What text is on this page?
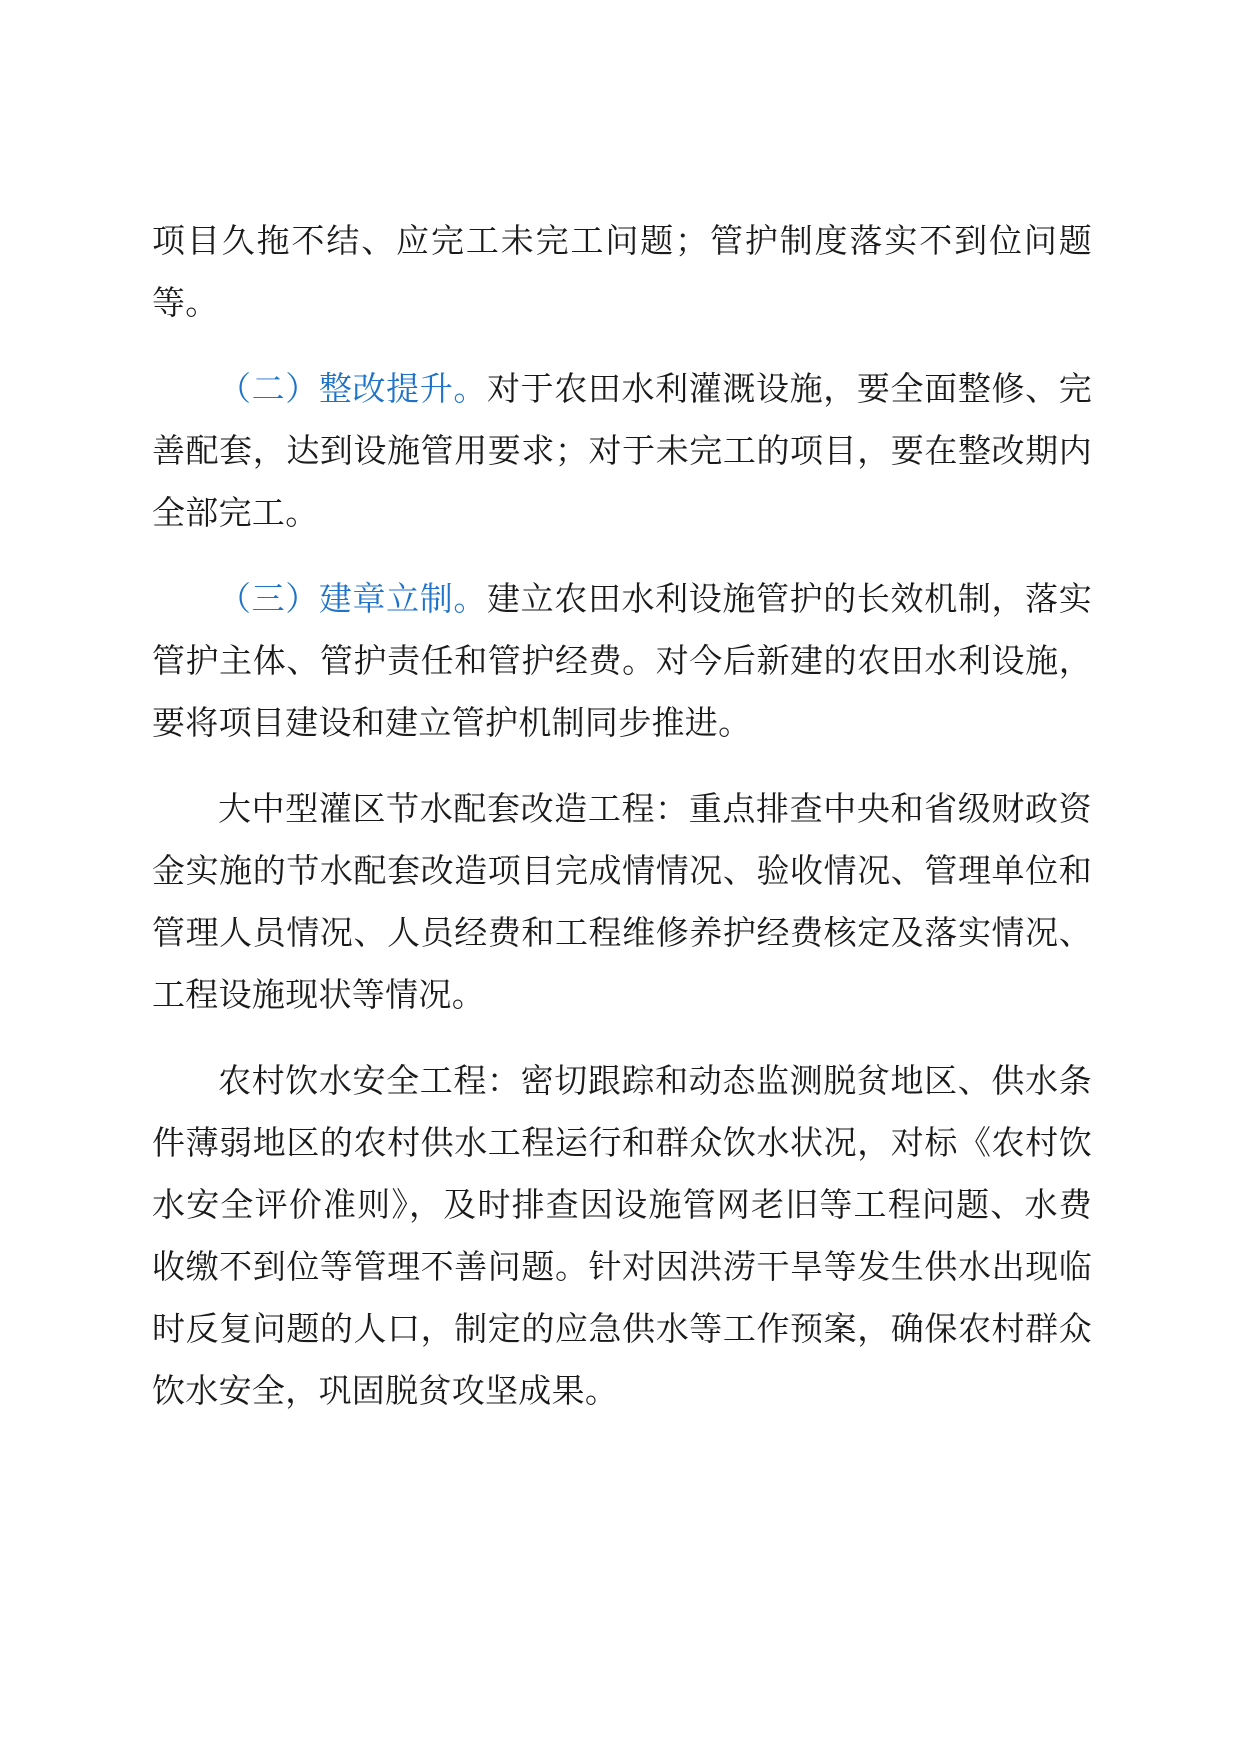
项目久拖不结、应完工未完工问题；管护制度落实不到位问题等。

（二）整改提升。对于农田水利灌溉设施，要全面整修、完善配套，达到设施管用要求；对于未完工的项目，要在整改期内全部完工。

（三）建章立制。建立农田水利设施管护的长效机制，落实管护主体、管护责任和管护经费。对今后新建的农田水利设施，要将项目建设和建立管护机制同步推进。

大中型灌区节水配套改造工程：重点排查中央和省级财政资金实施的节水配套改造项目完成情情况、验收情况、管理单位和管理人员情况、人员经费和工程维修养护经费核定及落实情况、工程设施现状等情况。

农村饮水安全工程：密切跟踪和动态监测脱贫地区、供水条件薄弱地区的农村供水工程运行和群众饮水状况，对标《农村饮水安全评价准则》，及时排查因设施管网老旧等工程问题、水费收缴不到位等管理不善问题。针对因洪涝干旱等发生供水出现临时反复问题的人口，制定的应急供水等工作预案，确保农村群众饮水安全，巩固脱贫攻坚成果。
